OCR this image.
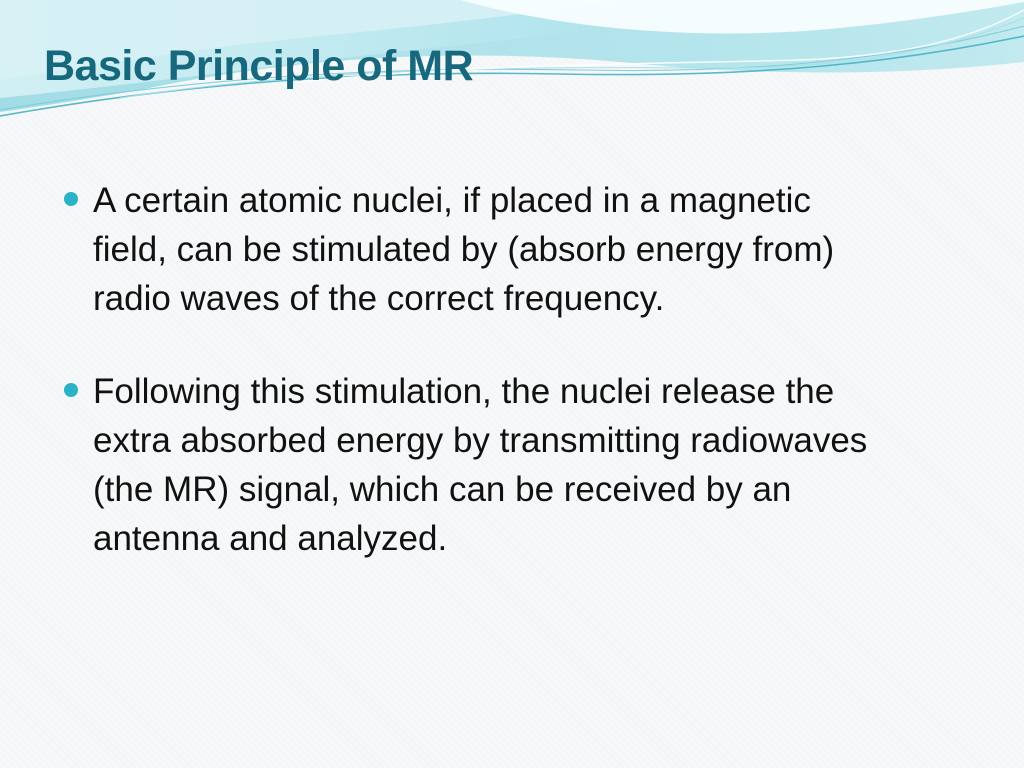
Basic Principle of MR
A certain atomic nuclei, if placed in a magnetic field, can be stimulated by (absorb energy from) radio waves of the correct frequency.
Following this stimulation, the nuclei release the extra absorbed energy by transmitting radiowaves (the MR) signal, which can be received by an antenna and analyzed.
